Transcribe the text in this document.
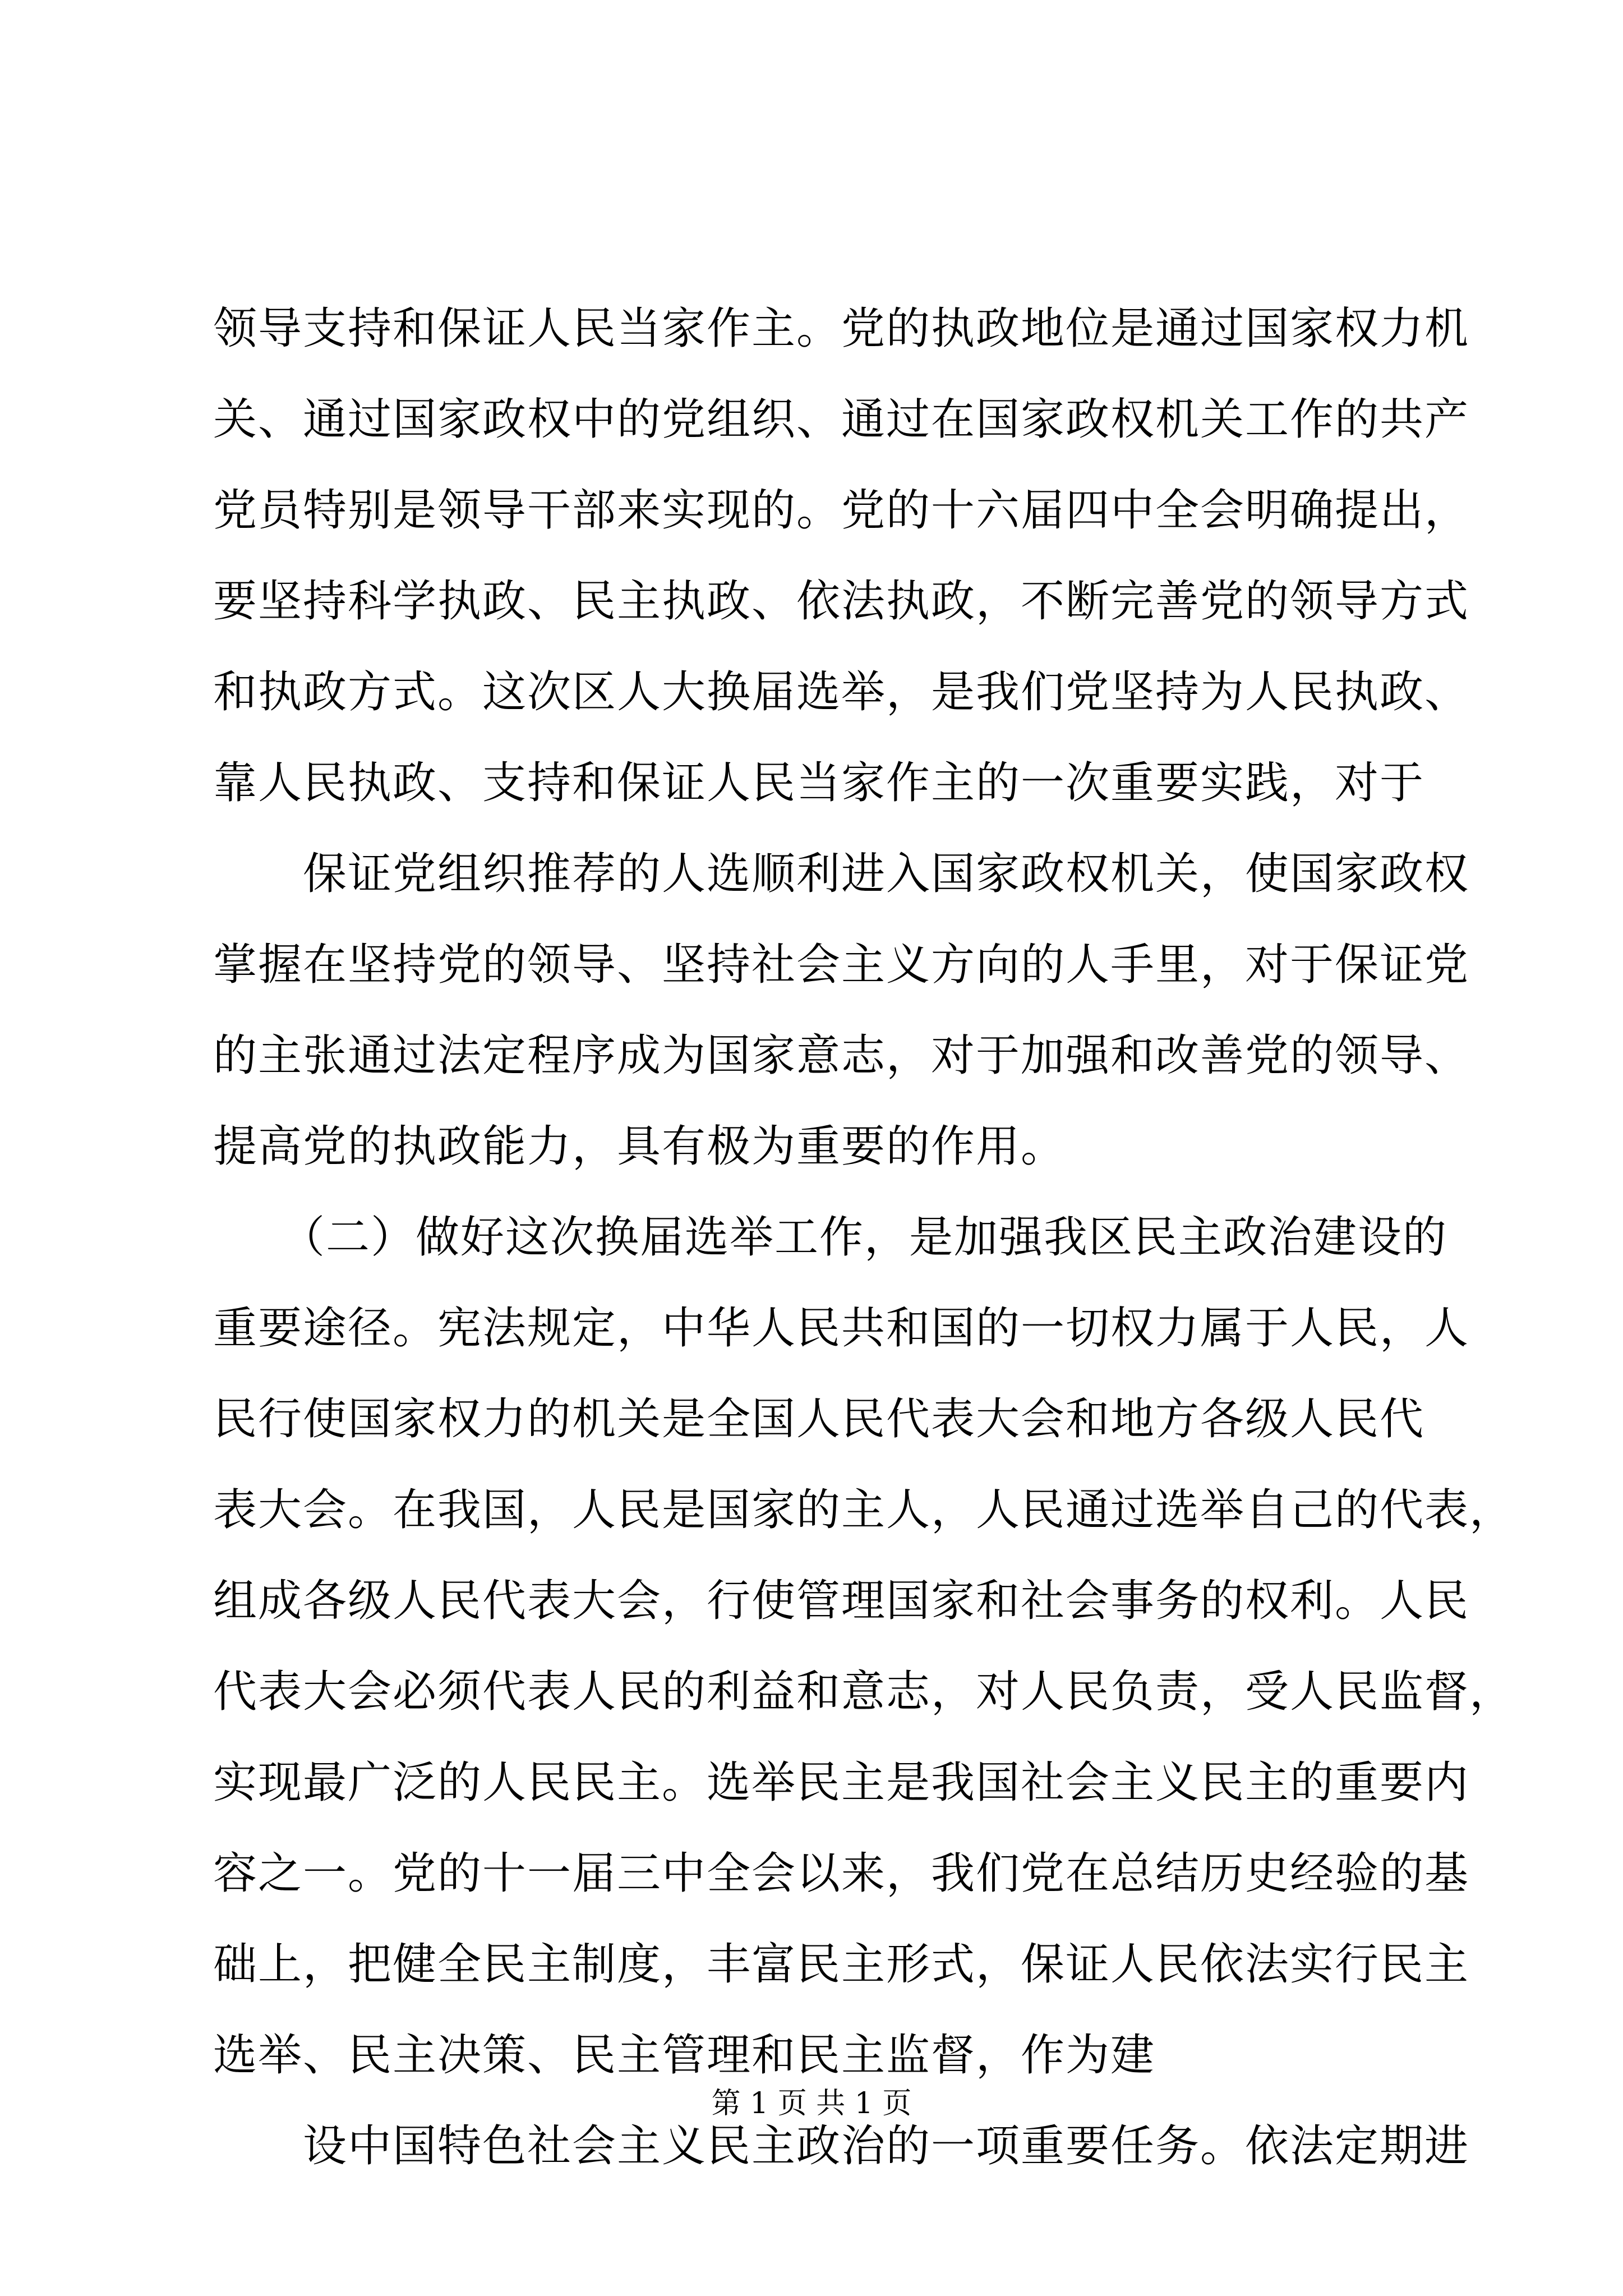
领导支持和保证人民当家作主。党的执政地位是通过国家权力机
关、通过国家政权中的党组织、通过在国家政权机关工作的共产
党员特别是领导干部来实现的。党的十六届四中全会明确提出，
要坚持科学执政、民主执政、依法执政，不断完善党的领导方式
和执政方式。这次区人大换届选举，是我们党坚持为人民执政、
靠人民执政、支持和保证人民当家作主的一次重要实践，对于
　　保证党组织推荐的人选顺利进入国家政权机关，使国家政权
掌握在坚持党的领导、坚持社会主义方向的人手里，对于保证党
的主张通过法定程序成为国家意志，对于加强和改善党的领导、
提高党的执政能力，具有极为重要的作用。
　　（二）做好这次换届选举工作，是加强我区民主政治建设的
重要途径。宪法规定，中华人民共和国的一切权力属于人民，人
民行使国家权力的机关是全国人民代表大会和地方各级人民代
表大会。在我国，人民是国家的主人，人民通过选举自己的代表，
组成各级人民代表大会，行使管理国家和社会事务的权利。人民
代表大会必须代表人民的利益和意志，对人民负责，受人民监督，
实现最广泛的人民民主。选举民主是我国社会主义民主的重要内
容之一。党的十一届三中全会以来，我们党在总结历史经验的基
础上，把健全民主制度，丰富民主形式，保证人民依法实行民主
选举、民主决策、民主管理和民主监督，作为建
　　设中国特色社会主义民主政治的一项重要任务。依法定期进
第 1 页 共 1 页
